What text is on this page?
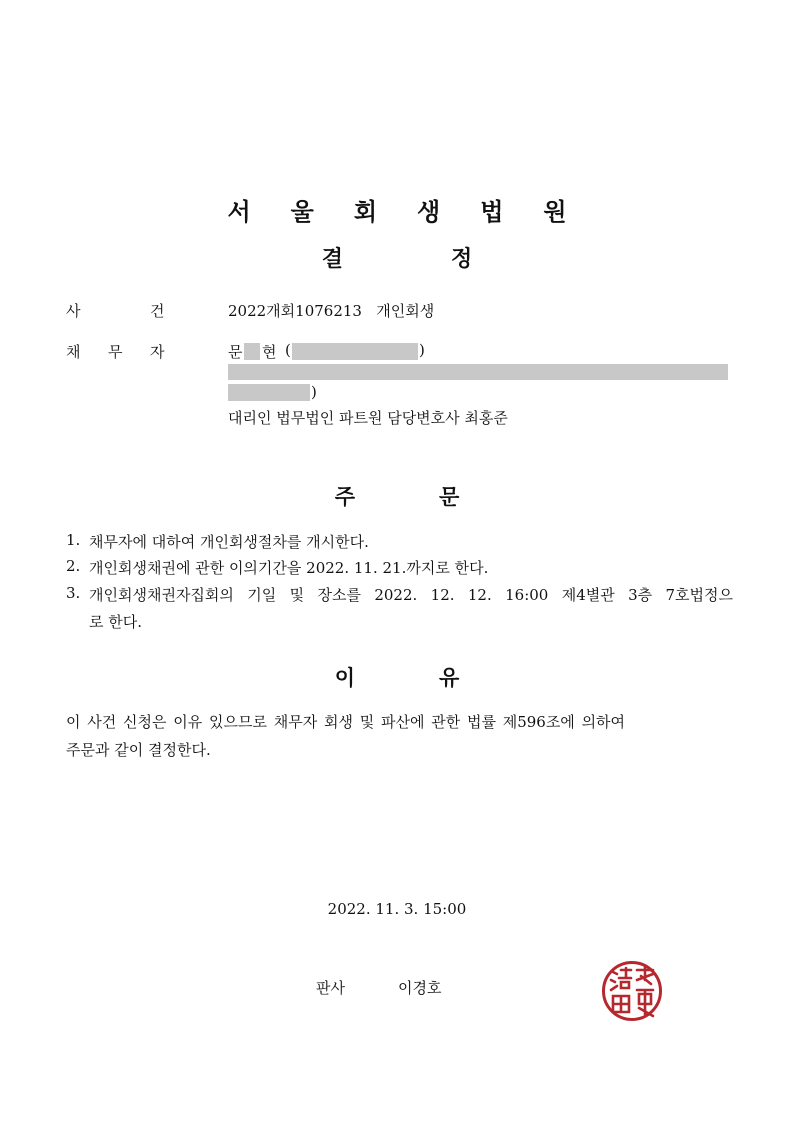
서 울 회 생 법 원
결	정
사	건	2022개회1076213   개인회생
채 무 자	문 현 (	)
)
대리인 법무법인 파트원 담당변호사 최홍준
주	문
1. 채무자에 대하여 개인회생절차를 개시한다.
2. 개인회생채권에 관한 이의기간을 2022. 11. 21.까지로 한다.
3. 개인회생채권자집회의 기일 및 장소를 2022. 12. 12. 16:00 제4별관 3층 7호법정으
로 한다.
이	유
이 사건 신청은 이유 있으므로 채무자 회생 및 파산에 관한 법률 제596조에 의하여
주문과 같이 결정한다.
2022. 11. 3. 15:00
판사	이경호
